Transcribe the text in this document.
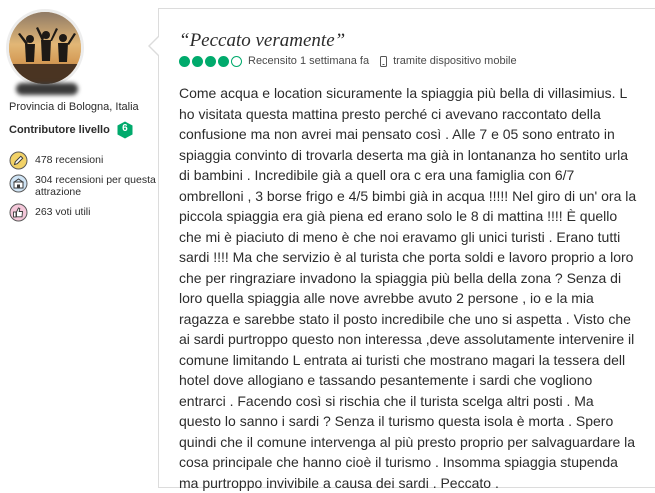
Provincia di Bologna, Italia
Contributore livello	6
478 recensioni
304 recensioni per questa attrazione
263 voti utili
“Peccato veramente”
Recensito 1 settimana fa tramite dispositivo mobile

Come acqua e location sicuramente la spiaggia più bella di villasimius. L ho visitata questa mattina presto perché ci avevano raccontato della confusione ma non avrei mai pensato così . Alle 7 e 05 sono entrato in spiaggia convinto di trovarla deserta ma già in lontananza ho sentito urla di bambini . Incredibile già a quell ora c era una famiglia con 6/7 ombrelloni , 3 borse frigo e 4/5 bimbi già in acqua !!!!! Nel giro di un' ora la piccola spiaggia era già piena ed erano solo le 8 di mattina !!!! È quello che mi è piaciuto di meno è che noi eravamo gli unici turisti . Erano tutti sardi !!!! Ma che servizio è al turista che porta soldi e lavoro proprio a loro che per ringraziare invadono la spiaggia più bella della zona ? Senza di loro quella spiaggia alle nove avrebbe avuto 2 persone , io e la mia ragazza e sarebbe stato il posto incredibile che uno si aspetta . Visto che ai sardi purtroppo questo non interessa ,deve assolutamente intervenire il comune limitando L entrata ai turisti che mostrano magari la tessera dell hotel dove allogiano e tassando pesantemente i sardi che vogliono entrarci . Facendo così si rischia che il turista scelga altri posti . Ma questo lo sanno i sardi ? Senza il turismo questa isola è morta . Spero quindi che il comune intervenga al più presto proprio per salvaguardare la cosa principale che hanno cioè il turismo . Insomma spiaggia stupenda ma purtroppo invivibile a causa dei sardi . Peccato .
